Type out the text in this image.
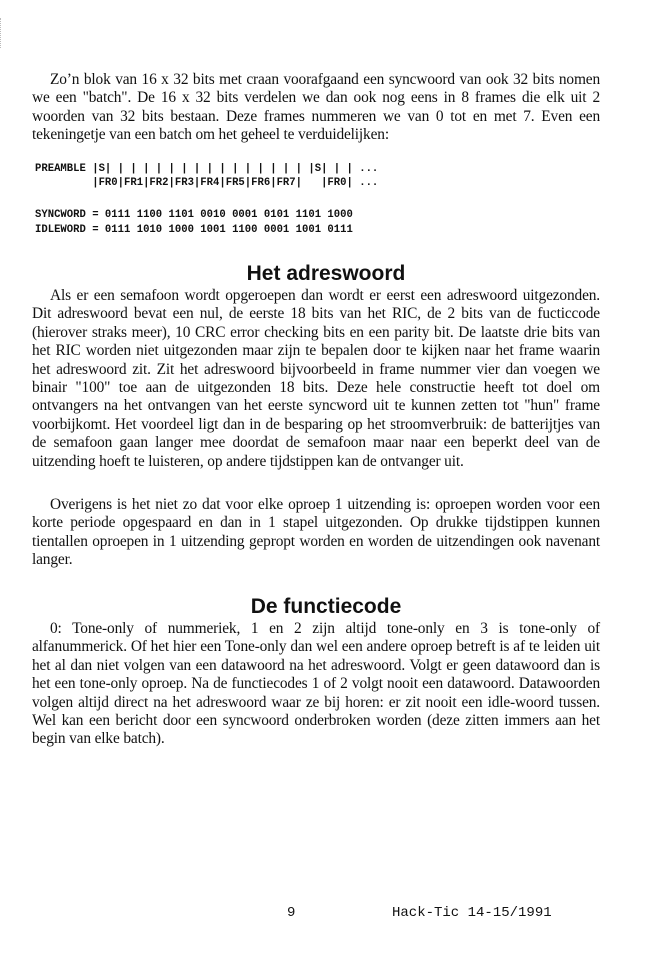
Zo’n blok van 16 x 32 bits met craan voorafgaand een syncwoord van ook 32 bits nomen we een "batch". De 16 x 32 bits verdelen we dan ook nog eens in 8 frames die elk uit 2 woorden van 32 bits bestaan. Deze frames nummeren we van 0 tot en met 7. Even een tekeningetje van een batch om het geheel te verduidelijken:

PREAMBLE |S| | | | | | | | | | | | | | | | |S| | | ...
|FR0|FR1|FR2|FR3|FR4|FR5|FR6|FR7|   |FR0| ...
SYNCWORD = 0111 1100 1101 0010 0001 0101 1101 1000
IDLEWORD = 0111 1010 1000 1001 1100 0001 1001 0111
Het adreswoord

Als er een semafoon wordt opgeroepen dan wordt er eerst een adreswoord uitgezonden. Dit adreswoord bevat een nul, de eerste 18 bits van het RIC, de 2 bits van de fucticcode (hierover straks meer), 10 CRC error checking bits en een parity bit. De laatste drie bits van het RIC worden niet uitgezonden maar zijn te bepalen door te kijken naar het frame waarin het adreswoord zit. Zit het adreswoord bijvoorbeeld in frame nummer vier dan voegen we binair "100" toe aan de uitgezonden 18 bits. Deze hele constructie heeft tot doel om ontvangers na het ontvangen van het eerste syncword uit te kunnen zetten tot "hun" frame voorbijkomt. Het voordeel ligt dan in de besparing op het stroomverbruik: de batterijtjes van de semafoon gaan langer mee doordat de semafoon maar naar een beperkt deel van de uitzending hoeft te luisteren, op andere tijdstippen kan de ontvanger uit.

Overigens is het niet zo dat voor elke oproep 1 uitzending is: oproepen worden voor een korte periode opgespaard en dan in 1 stapel uitgezonden. Op drukke tijdstippen kunnen tientallen oproepen in 1 uitzending gepropt worden en worden de uitzendingen ook navenant langer.

De functiecode

0: Tone-only of nummeriek, 1 en 2 zijn altijd tone-only en 3 is tone-only of alfanummerick. Of het hier een Tone-only dan wel een andere oproep betreft is af te leiden uit het al dan niet volgen van een datawoord na het adreswoord. Volgt er geen datawoord dan is het een tone-only oproep. Na de functiecodes 1 of 2 volgt nooit een datawoord. Datawoorden volgen altijd direct na het adreswoord waar ze bij horen: er zit nooit een idle-woord tussen. Wel kan een bericht door een syncwoord onderbroken worden (deze zitten immers aan het begin van elke batch).

9	Hack-Tic 14-15/1991
